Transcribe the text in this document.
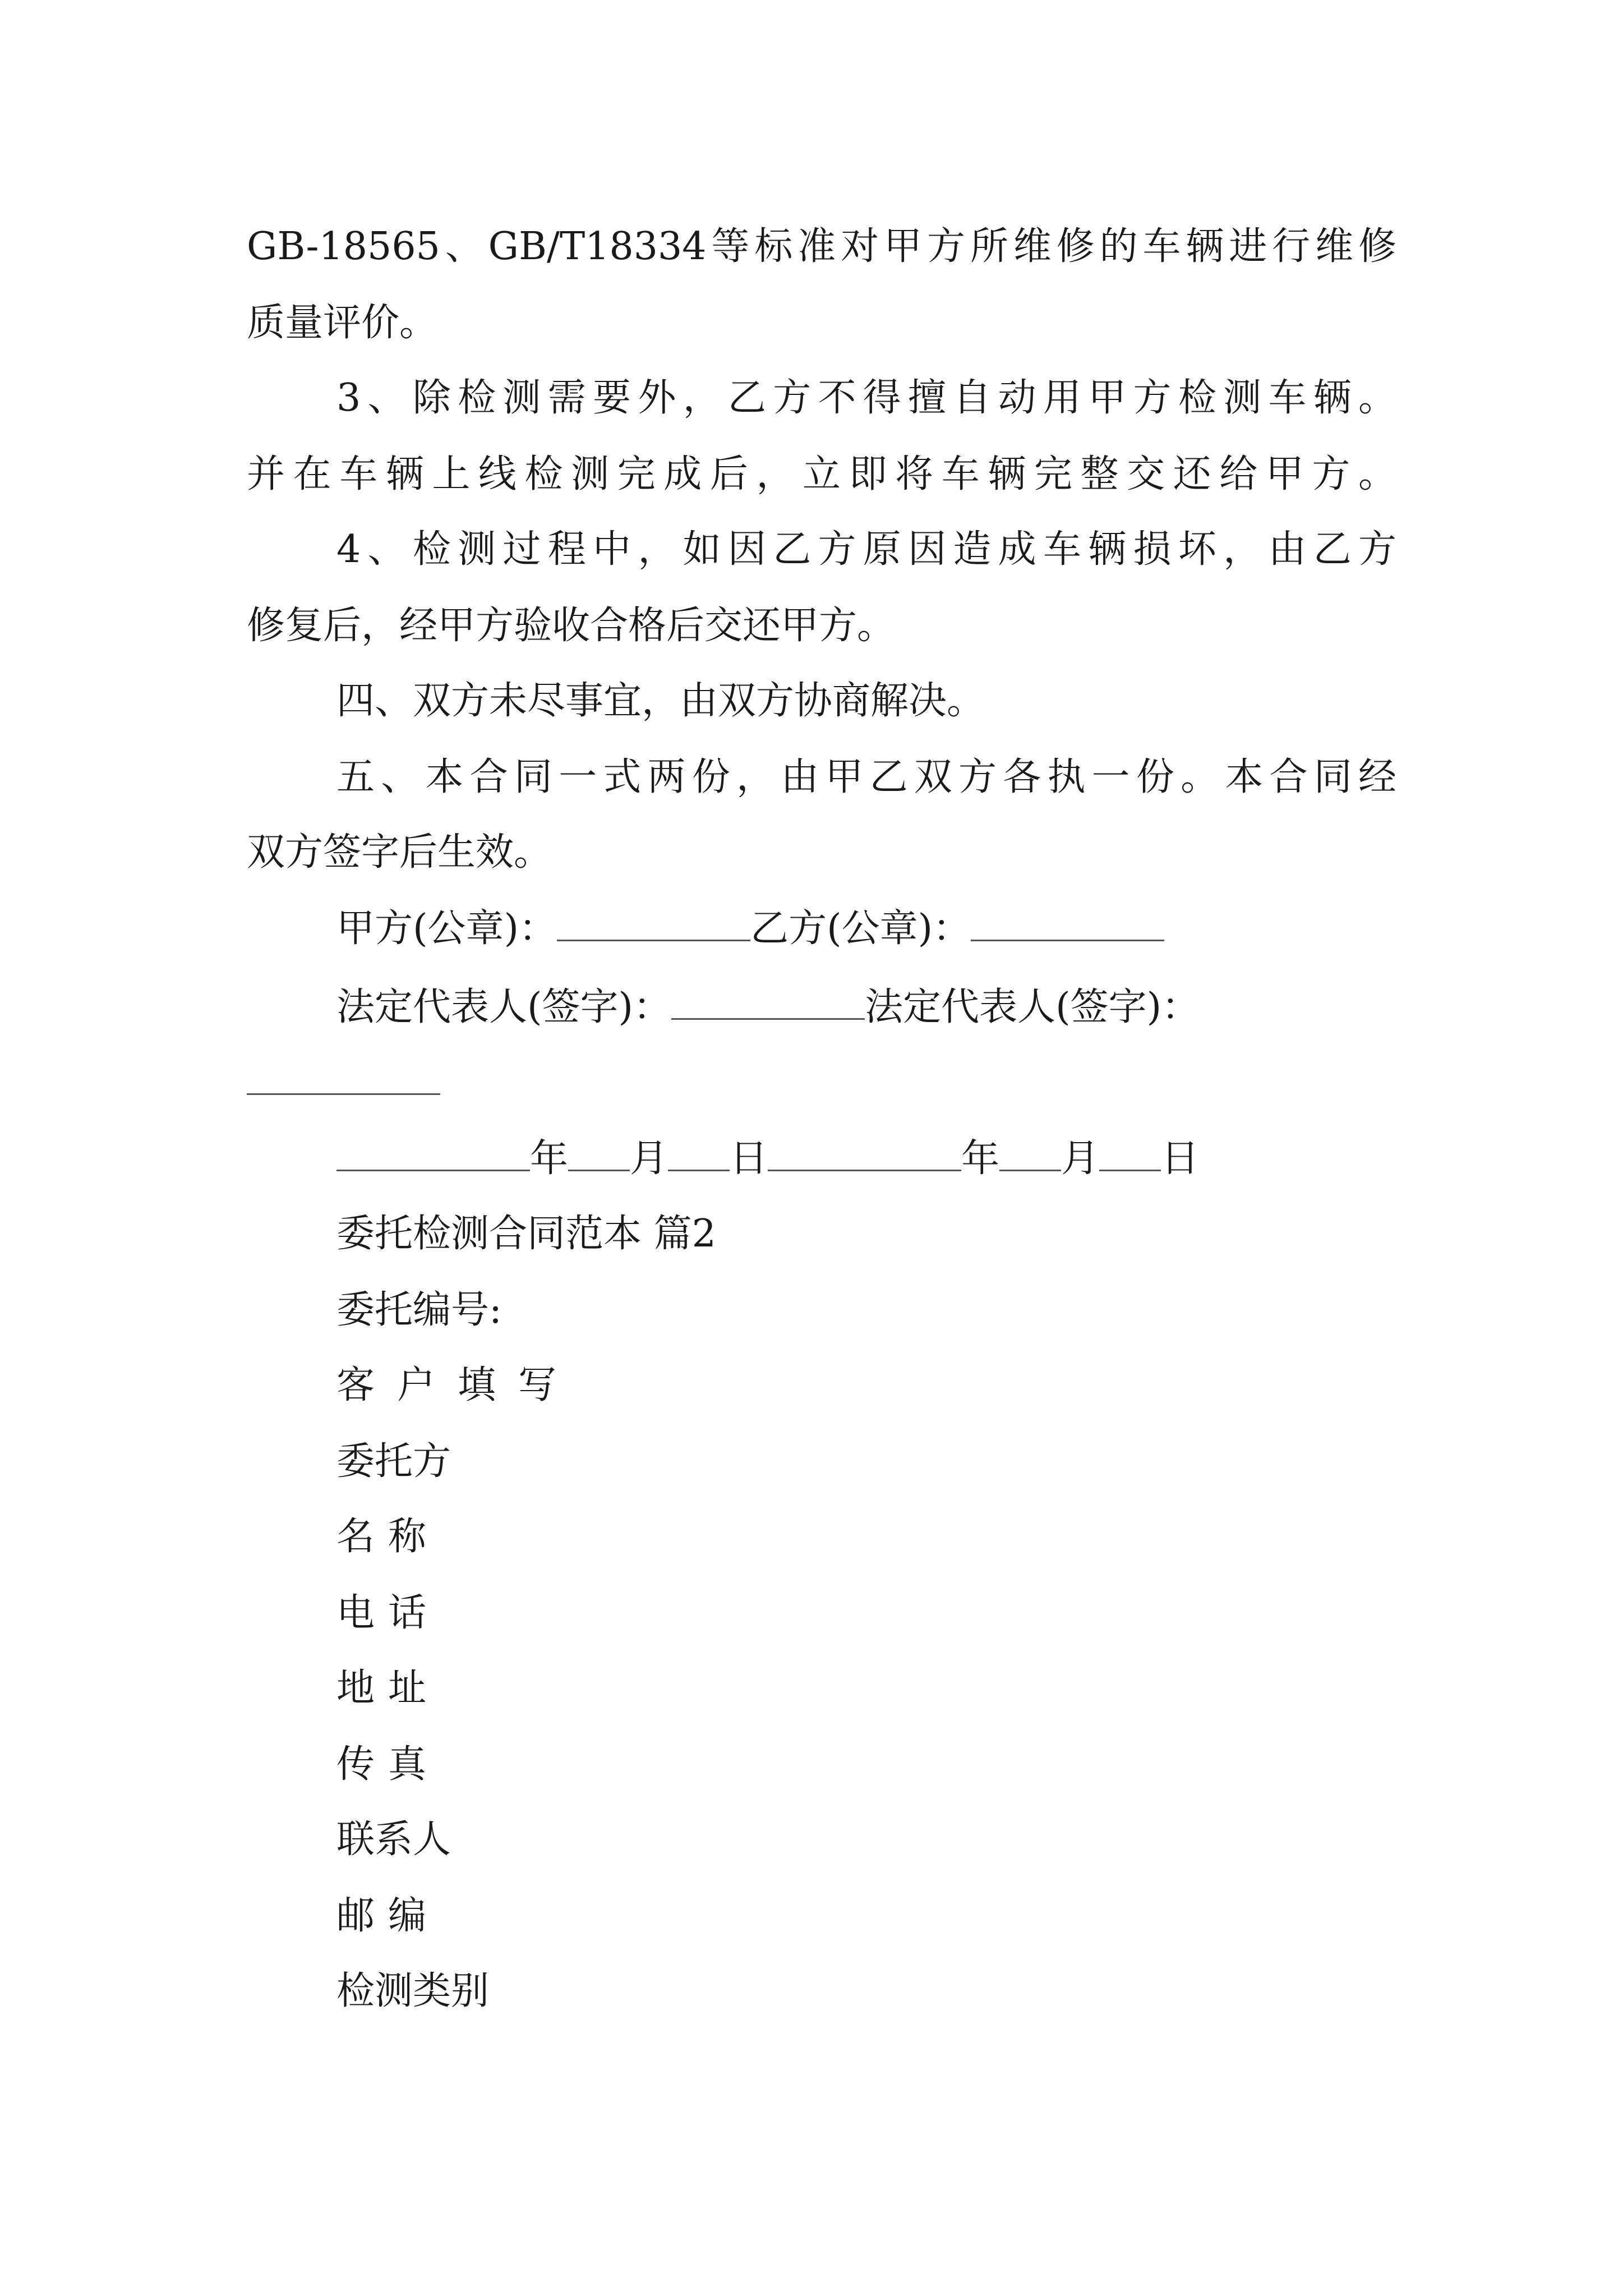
GB-18565、GB/T18334等标准对甲方所维修的车辆进行维修
质量评价。
3、除检测需要外，乙方不得擅自动用甲方检测车辆。
并在车辆上线检测完成后，立即将车辆完整交还给甲方。
4、检测过程中，如因乙方原因造成车辆损坏，由乙方
修复后，经甲方验收合格后交还甲方。
四、双方未尽事宜，由双方协商解决。
五、本合同一式两份，由甲乙双方各执一份。本合同经
双方签字后生效。
甲方(公章)：	乙方(公章)：
法定代表人(签字)：	法定代表人(签字)：
年 月 日	年 月 日
委托检测合同范本 篇2
委托编号:
客户填写
委托方
名称
电话
地址
传真
联系人
邮编
检测类别
